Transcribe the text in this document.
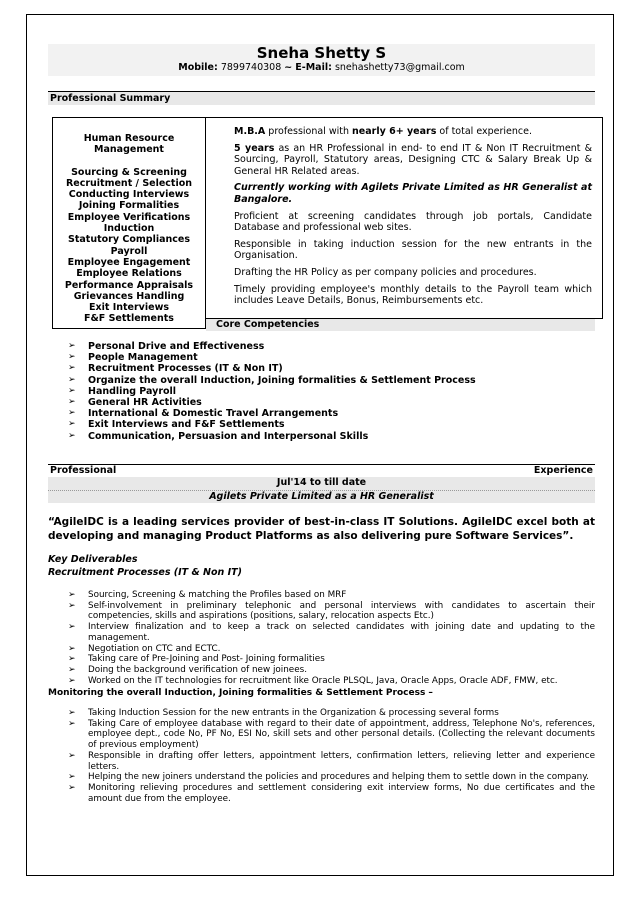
Sneha Shetty S
Mobile: 7899740308 ~ E-Mail: snehashetty73@gmail.com
Professional Summary
Human Resource
Management
Sourcing & Screening
Recruitment / Selection
Conducting Interviews
Joining Formalities
Employee Verifications
Induction
Statutory Compliances
Payroll
Employee Engagement
Employee Relations
Performance Appraisals
Grievances Handling
Exit Interviews
F&F Settlements
M.B.A professional with nearly 6+ years of total experience.
5 years as an HR Professional in end- to end IT & Non IT Recruitment & Sourcing, Payroll, Statutory areas, Designing CTC & Salary Break Up & General HR Related areas.
Currently working with Agilets Private Limited as HR Generalist at Bangalore.
Proficient at screening candidates through job portals, Candidate Database and professional web sites.
Responsible in taking induction session for the new entrants in the Organisation.
Drafting the HR Policy as per company policies and procedures.
Timely providing employee's monthly details to the Payroll team which includes Leave Details, Bonus, Reimbursements etc.
Core Competencies
➢ Personal Drive and Effectiveness
➢ People Management
➢ Recruitment Processes (IT & Non IT)
➢ Organize the overall Induction, Joining formalities & Settlement Process
➢ Handling Payroll
➢ General HR Activities
➢ International & Domestic Travel Arrangements
➢ Exit Interviews and F&F Settlements
➢ Communication, Persuasion and Interpersonal Skills
Professional	Experience
Jul'14 to till date
Agilets Private Limited as a HR Generalist
“AgileIDC is a leading services provider of best-in-class IT Solutions. AgileIDC excel both at developing and managing Product Platforms as also delivering pure Software Services”.
Key Deliverables
Recruitment Processes (IT & Non IT)
➢ Sourcing, Screening & matching the Profiles based on MRF
➢ Self-involvement in preliminary telephonic and personal interviews with candidates to ascertain their competencies, skills and aspirations (positions, salary, relocation aspects Etc.)
➢ Interview finalization and to keep a track on selected candidates with joining date and updating to the management.
➢ Negotiation on CTC and ECTC.
➢ Taking care of Pre-Joining and Post- Joining formalities
➢ Doing the background verification of new joinees.
➢ Worked on the IT technologies for recruitment like Oracle PLSQL, Java, Oracle Apps, Oracle ADF, FMW, etc.
Monitoring the overall Induction, Joining formalities & Settlement Process –
➢ Taking Induction Session for the new entrants in the Organization & processing several forms
➢ Taking Care of employee database with regard to their date of appointment, address, Telephone No's, references, employee dept., code No, PF No, ESI No, skill sets and other personal details. (Collecting the relevant documents of previous employment)
➢ Responsible in drafting offer letters, appointment letters, confirmation letters, relieving letter and experience letters.
➢ Helping the new joiners understand the policies and procedures and helping them to settle down in the company.
➢ Monitoring relieving procedures and settlement considering exit interview forms, No due certificates and the amount due from the employee.
